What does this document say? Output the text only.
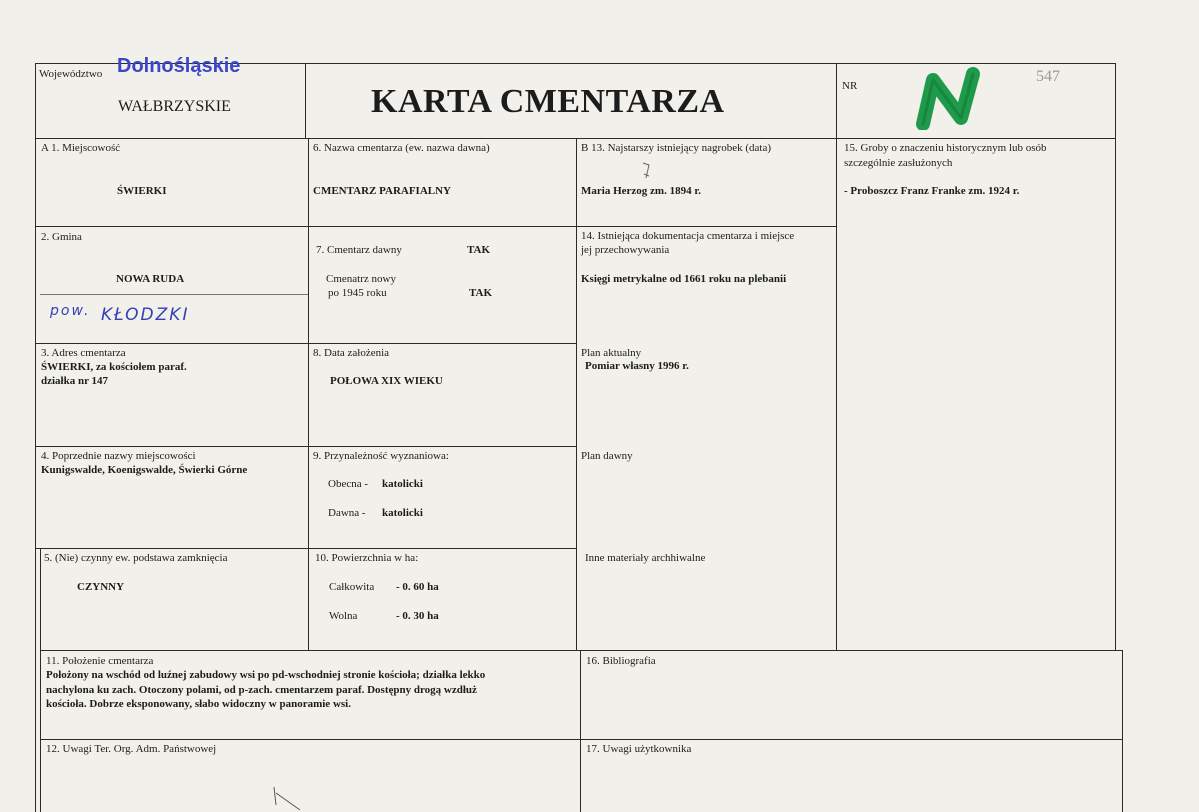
Województwo Dolnośląskie
WAŁBRZYSKIE	KARTA CMENTARZA	NR
547
A 1. Miejscowość
ŚWIERKI
6. Nazwa cmentarza (ew. nazwa dawna)
CMENTARZ PARAFIALNY
B 13. Najstarszy istniejący nagrobek (data)
Maria Herzog zm. 1894 r.
15. Groby o znaczeniu historycznym lub osób
szczególnie zasłużonych
- Proboszcz Franz Franke zm. 1924 r.
2. Gmina
NOWA RUDA
pow. KŁODZKI
7. Cmentarz dawny	TAK
Cmenatrz nowy
po 1945 roku	TAK
14. Istniejąca dokumentacja cmentarza i miejsce
jej przechowywania
Księgi metrykalne od 1661 roku na plebanii
3. Adres cmentarza
ŚWIERKI, za kościołem paraf.
działka nr 147
8. Data założenia
POŁOWA XIX WIEKU
Plan aktualny
Pomiar własny 1996 r.
4. Poprzednie nazwy miejscowości
Kunigswalde, Koenigswalde, Świerki Górne
9. Przynależność wyznaniowa:
Obecna - katolicki
Dawna - katolicki
Plan dawny
5. (Nie) czynny ew. podstawa zamknięcia
CZYNNY
10. Powierzchnia w ha:
Całkowita - 0. 60 ha
Wolna	- 0. 30 ha
Inne materiały archhiwalne
11. Położenie cmentarza
Położony na wschód od luźnej zabudowy wsi po pd-wschodniej stronie kościoła; działka lekko
nachylona ku zach. Otoczony polami, od p-zach. cmentarzem paraf. Dostępny drogą wzdłuż
kościoła. Dobrze eksponowany, słabo widoczny w panoramie wsi.
16. Bibliografia
12. Uwagi Ter. Org. Adm. Państwowej	17. Uwagi użytkownika
